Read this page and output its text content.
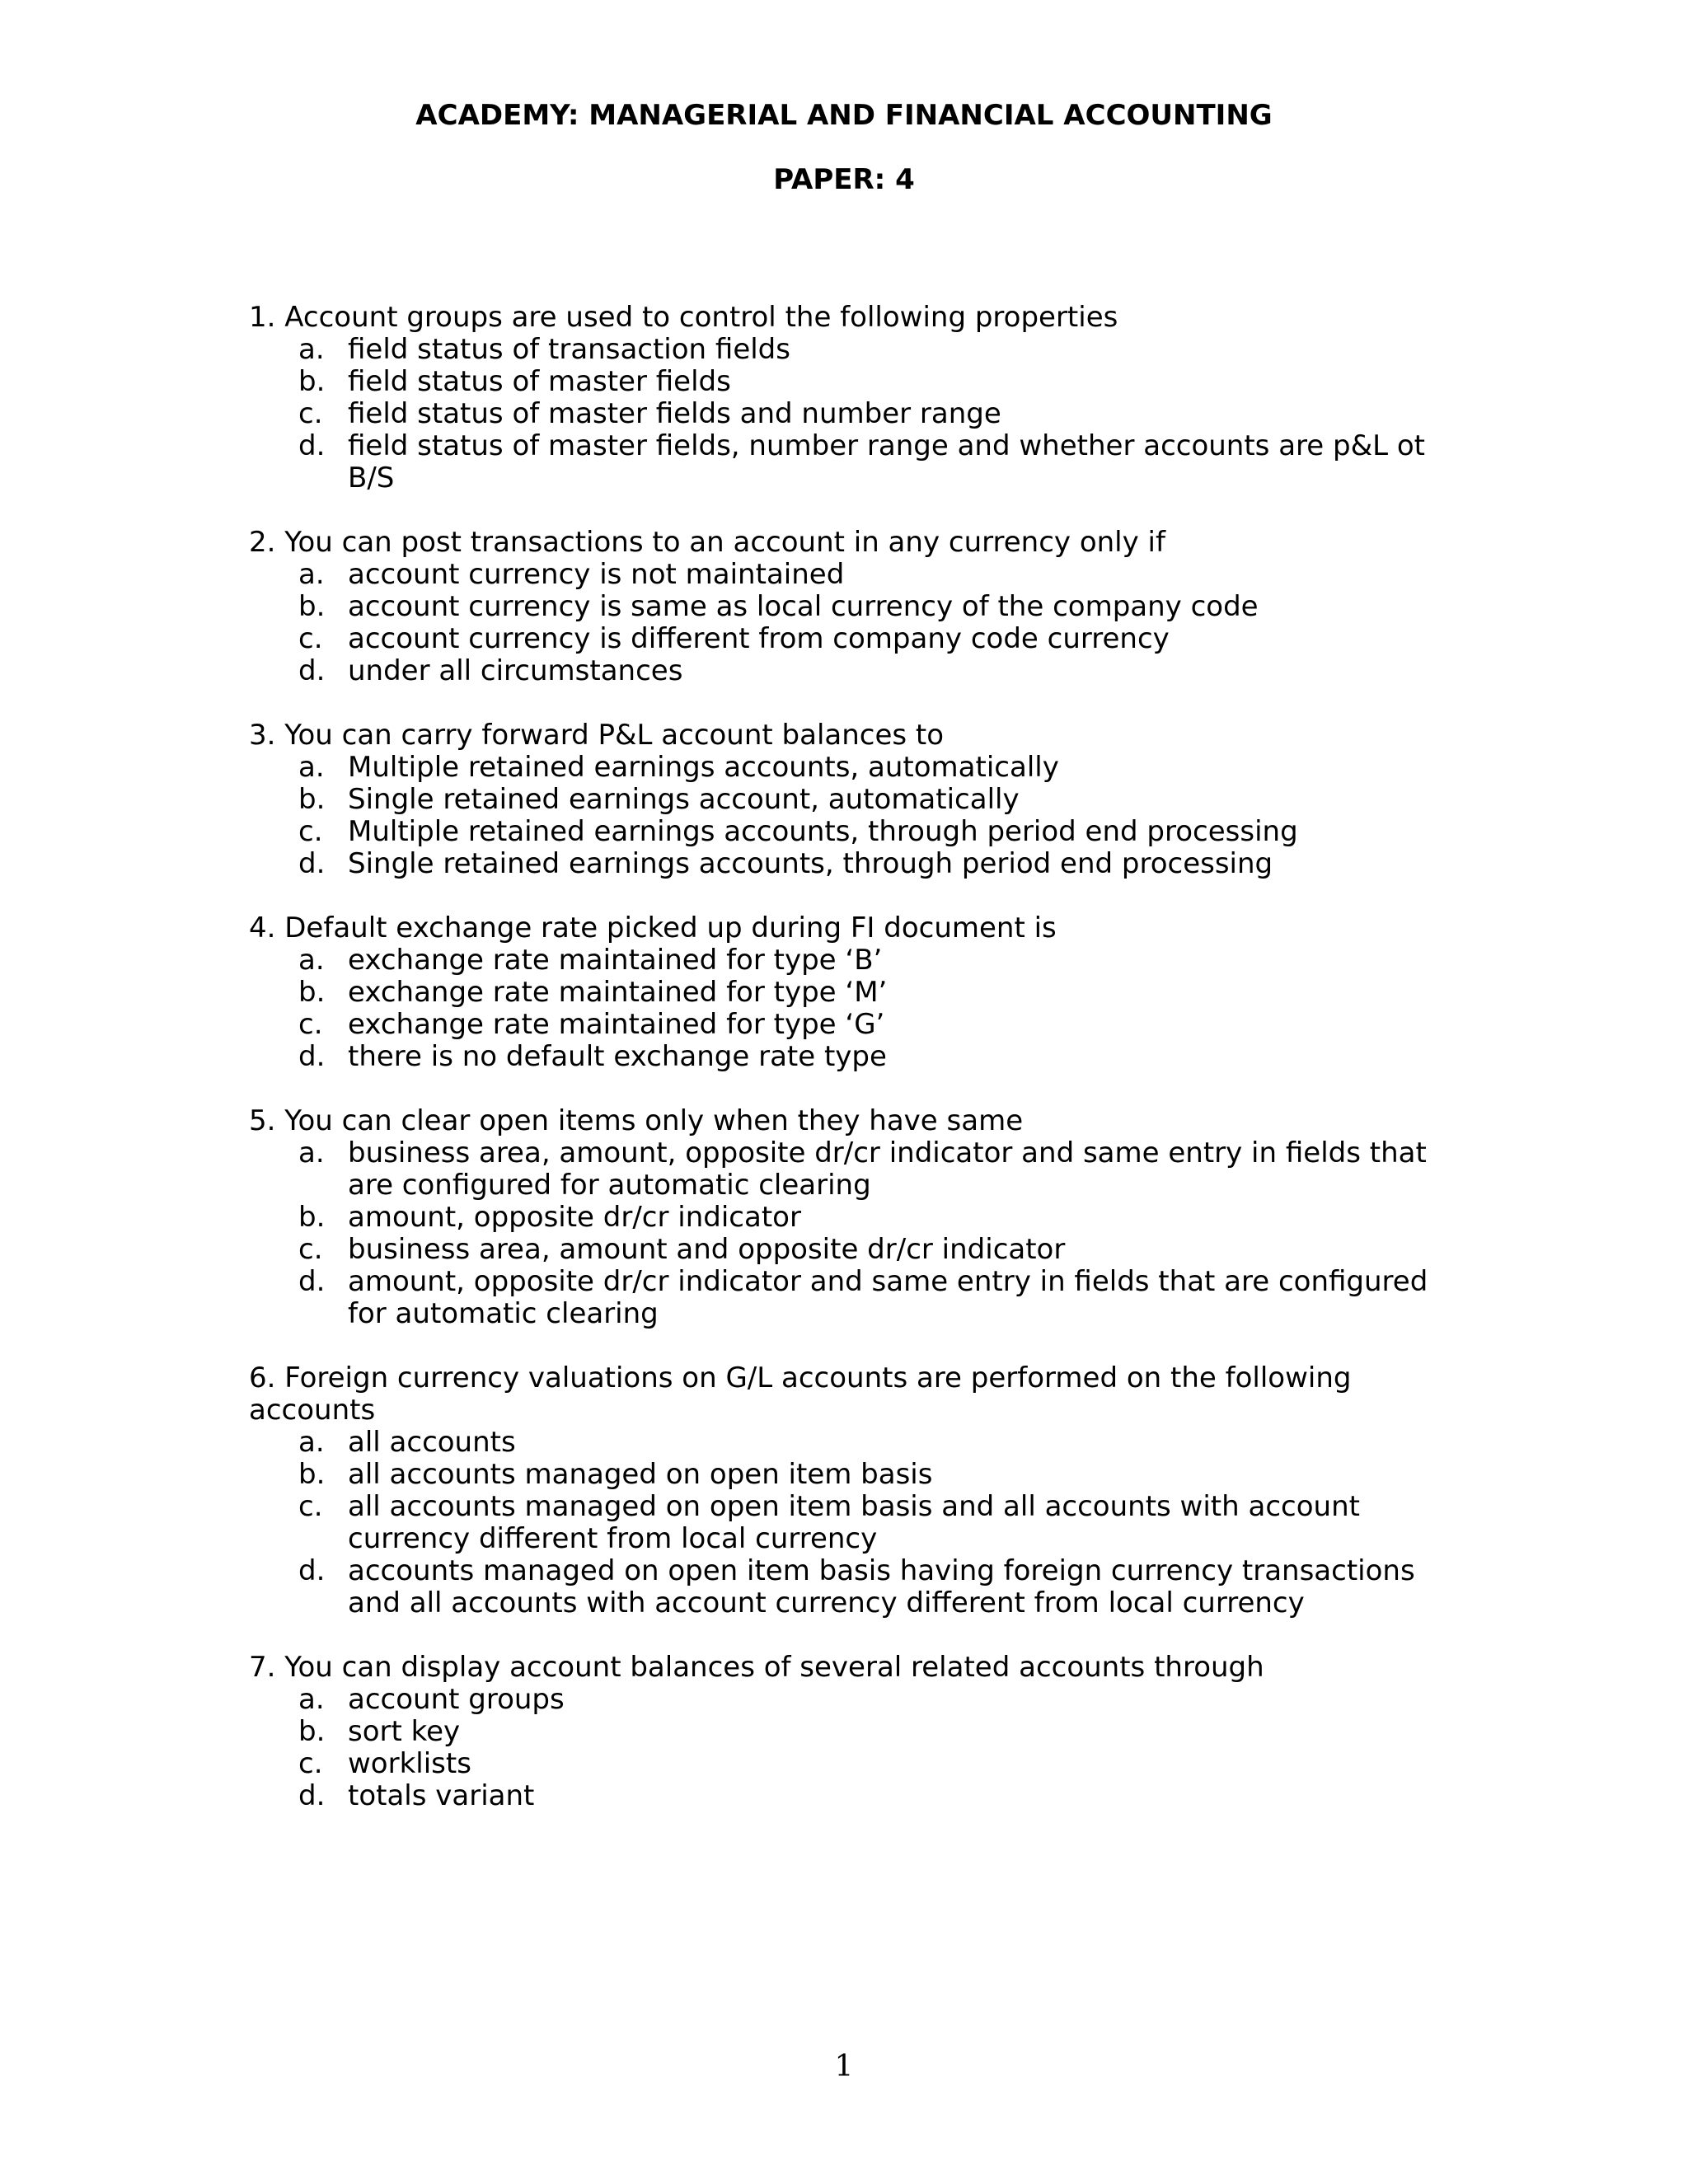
ACADEMY: MANAGERIAL AND FINANCIAL ACCOUNTING
PAPER: 4

1. Account groups are used to control the following properties

a. field status of transaction fields
b. field status of master fields
c. field status of master fields and number range
d. field status of master fields, number range and whether accounts are p&L ot B/S

2. You can post transactions to an account in any currency only if

a. account currency is not maintained
b. account currency is same as local currency of the company code
c. account currency is different from company code currency
d. under all circumstances

3. You can carry forward P&L account balances to

a. Multiple retained earnings accounts, automatically
b. Single retained earnings account, automatically
c. Multiple retained earnings accounts, through period end processing
d. Single retained earnings accounts, through period end processing

4. Default exchange rate picked up during FI document is

a. exchange rate maintained for type ‘B’
b. exchange rate maintained for type ‘M’
c. exchange rate maintained for type ‘G’
d. there is no default exchange rate type

5. You can clear open items only when they have same

a. business area, amount, opposite dr/cr indicator and same entry in fields that are configured for automatic clearing
b. amount, opposite dr/cr indicator
c. business area, amount and opposite dr/cr indicator
d. amount, opposite dr/cr indicator and same entry in fields that are configured for automatic clearing

6. Foreign currency valuations on G/L accounts are performed on the following accounts

a. all accounts
b. all accounts managed on open item basis
c. all accounts managed on open item basis and all accounts with account currency different from local currency
d. accounts managed on open item basis having foreign currency transactions and all accounts with account currency different from local currency

7. You can display account balances of several related accounts through

a. account groups
b. sort key
c. worklists
d. totals variant
1
